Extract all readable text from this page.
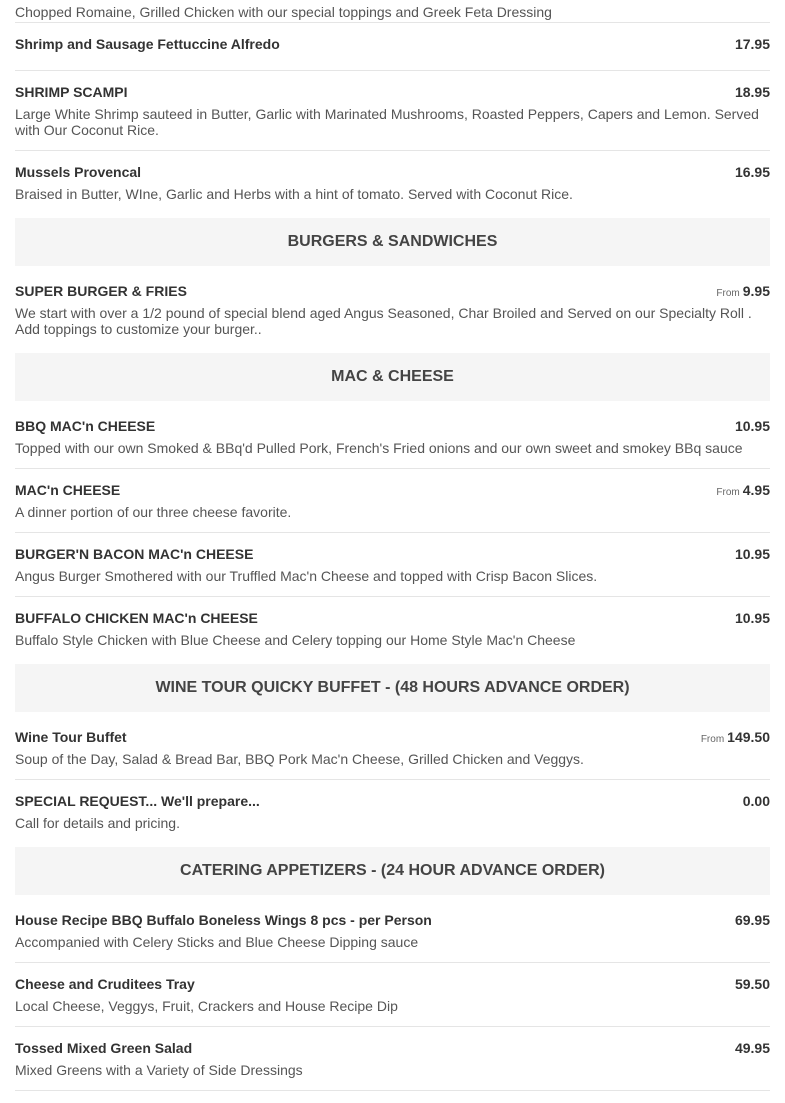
Chopped Romaine, Grilled Chicken with our special toppings and Greek Feta Dressing
Shrimp and Sausage Fettuccine Alfredo	17.95
SHRIMP SCAMPI	18.95
Large White Shrimp sauteed in Butter, Garlic with Marinated Mushrooms, Roasted Peppers, Capers and Lemon. Served with Our Coconut Rice.
Mussels Provencal	16.95
Braised in Butter, WIne, Garlic and Herbs with a hint of tomato. Served with Coconut Rice.
BURGERS & SANDWICHES
SUPER BURGER & FRIES	From 9.95
We start with over a 1/2 pound of special blend aged Angus Seasoned, Char Broiled and Served on our Specialty Roll . Add toppings to customize your burger..
MAC & CHEESE
BBQ MAC'n CHEESE	10.95
Topped with our own Smoked & BBq'd Pulled Pork, French's Fried onions and our own sweet and smokey BBq sauce
MAC'n CHEESE	From 4.95
A dinner portion of our three cheese favorite.
BURGER'N BACON MAC'n CHEESE	10.95
Angus Burger Smothered with our Truffled Mac'n Cheese and topped with Crisp Bacon Slices.
BUFFALO CHICKEN MAC'n CHEESE	10.95
Buffalo Style Chicken with Blue Cheese and Celery topping our Home Style Mac'n Cheese
WINE TOUR QUICKY BUFFET - (48 HOURS ADVANCE ORDER)
Wine Tour Buffet	From 149.50
Soup of the Day, Salad & Bread Bar, BBQ Pork Mac'n Cheese, Grilled Chicken and Veggys.
SPECIAL REQUEST... We'll prepare...	0.00
Call for details and pricing.
CATERING APPETIZERS - (24 HOUR ADVANCE ORDER)
House Recipe BBQ Buffalo Boneless Wings 8 pcs - per Person	69.95
Accompanied with Celery Sticks and Blue Cheese Dipping sauce
Cheese and Cruditees Tray	59.50
Local Cheese, Veggys, Fruit, Crackers and House Recipe Dip
Tossed Mixed Green Salad	49.95
Mixed Greens with a Variety of Side Dressings
